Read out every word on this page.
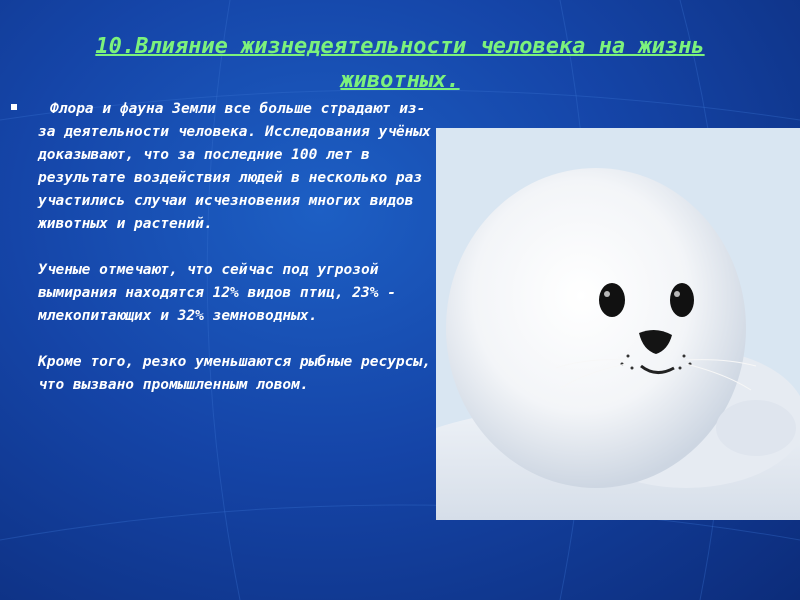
10.Влияние жизнедеятельности человека на жизнь животных.

Флора и фауна Земли все больше страдают из-за деятельности человека. Исследования учёных доказывают, что за последние 100 лет в результате воздействия людей в несколько раз участились случаи исчезновения многих видов животных и растений.

Ученые отмечают, что сейчас под угрозой вымирания находятся 12% видов птиц, 23% - млекопитающих и 32% земноводных.

Кроме того, резко уменьшаются рыбные ресурсы, что вызвано промышленным ловом.
